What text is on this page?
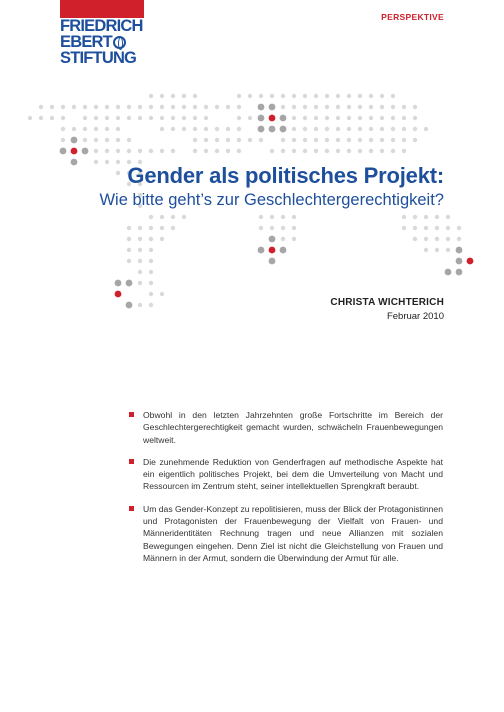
FRIEDRICH
EBERT
STIFTUNG
PERSPEKTIVE
Gender als politisches Projekt:
Wie bitte geht’s zur Geschlechtergerechtigkeit?
CHRISTA WICHTERICH
Februar 2010
Obwohl in den letzten Jahrzehnten große Fortschritte im Bereich der Geschlechtergerechtigkeit gemacht wurden, schwächeln Frauenbewegungen weltweit.
Die zunehmende Reduktion von Genderfragen auf methodische Aspekte hat ein eigentlich politisches Projekt, bei dem die Umverteilung von Macht und Ressourcen im Zentrum steht, seiner intellektuellen Sprengkraft beraubt.
Um das Gender-Konzept zu repolitisieren, muss der Blick der Protagonistinnen und Protagonisten der Frauenbewegung der Vielfalt von Frauen- und Männeridentitäten Rechnung tragen und neue Allianzen mit sozialen Bewegungen eingehen. Denn Ziel ist nicht die Gleichstellung von Frauen und Männern in der Armut, sondern die Überwindung der Armut für alle.
